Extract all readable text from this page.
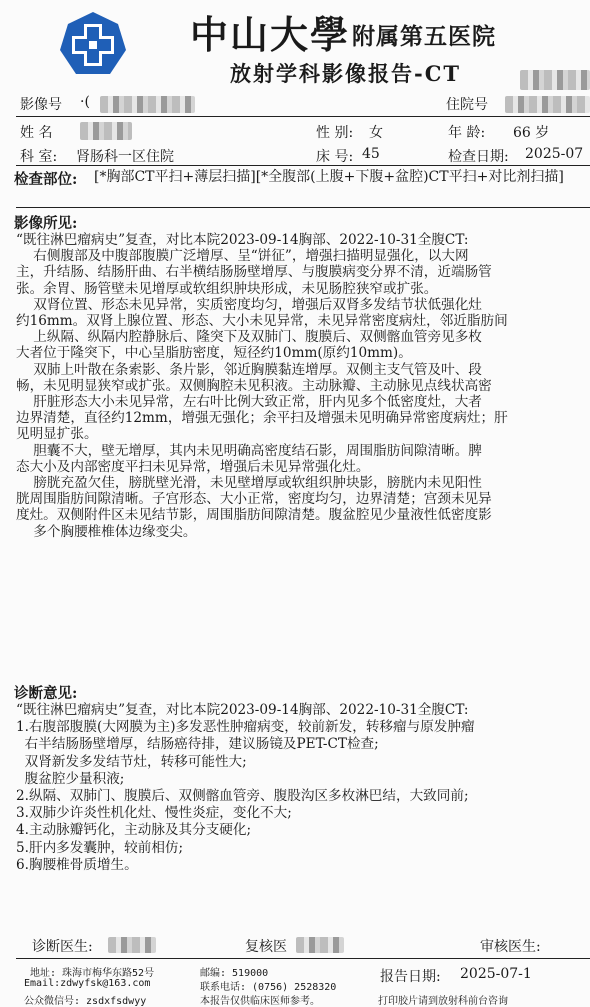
中山大學 附属第五医院
放射学科影像报告-CT
影像号 ·(	住院号
姓 名	性 别: 女	年 龄: 66 岁
科 室: 肾肠科一区住院	床 号: 45	检查日期: 2025-07
检查部位: [*胸部CT平扫+薄层扫描][*全腹部(上腹+下腹+盆腔)CT平扫+对比剂扫描]
影像所见:
“既往淋巴瘤病史”复查，对比本院2023-09-14胸部、2022-10-31全腹CT:
右侧腹部及中腹部腹膜广泛增厚、呈“饼征”，增强扫描明显强化，以大网
主，升结肠、结肠肝曲、右半横结肠肠壁增厚、与腹膜病变分界不清，近端肠管
张。余胃、肠管壁未见增厚或软组织肿块形成，未见肠腔狭窄或扩张。
双肾位置、形态未见异常，实质密度均匀，增强后双肾多发结节状低强化灶
约16mm。双肾上腺位置、形态、大小未见异常，未见异常密度病灶，邻近脂肪间
上纵隔、纵隔内腔静脉后、隆突下及双肺门、腹膜后、双侧髂血管旁见多枚
大者位于隆突下，中心呈脂肪密度，短径约10mm(原约10mm)。
双肺上叶散在条索影、条片影，邻近胸膜黏连增厚。双侧主支气管及叶、段
畅，未见明显狭窄或扩张。双侧胸腔未见积液。主动脉瓣、主动脉见点线状高密
肝脏形态大小未见异常，左右叶比例大致正常，肝内见多个低密度灶，大者
边界清楚，直径约12mm，增强无强化；余平扫及增强未见明确异常密度病灶；肝
见明显扩张。
胆囊不大，壁无增厚，其内未见明确高密度结石影，周围脂肪间隙清晰。脾
态大小及内部密度平扫未见异常，增强后未见异常强化灶。
膀胱充盈欠佳，膀胱壁光滑，未见壁增厚或软组织肿块影，膀胱内未见阳性
胱周围脂肪间隙清晰。子宫形态、大小正常，密度均匀，边界清楚；宫颈未见异
度灶。双侧附件区未见结节影，周围脂肪间隙清楚。腹盆腔见少量液性低密度影
多个胸腰椎椎体边缘变尖。
诊断意见:
“既往淋巴瘤病史”复查，对比本院2023-09-14胸部、2022-10-31全腹CT:
1.右腹部腹膜(大网膜为主)多发恶性肿瘤病变，较前新发，转移瘤与原发肿瘤
右半结肠肠壁增厚，结肠癌待排，建议肠镜及PET-CT检查;
双肾新发多发结节灶，转移可能性大;
腹盆腔少量积液;
2.纵隔、双肺门、腹膜后、双侧髂血管旁、腹股沟区多枚淋巴结，大致同前;
3.双肺少许炎性机化灶、慢性炎症，变化不大;
4.主动脉瓣钙化，主动脉及其分支硬化;
5.肝内多发囊肿，较前相仿;
6.胸腰椎骨质增生。
诊断医生:	复核医	审核医生:
地址: 珠海市梅华东路52号	邮编: 519000
Email:zdwyfsk@163.com	联系电话: (0756) 2528320
公众微信号: zsdxfsdwyy	本报告仅供临床医师参考。
报告日期: 2025-07-1
打印胶片请到放射科前台咨询
